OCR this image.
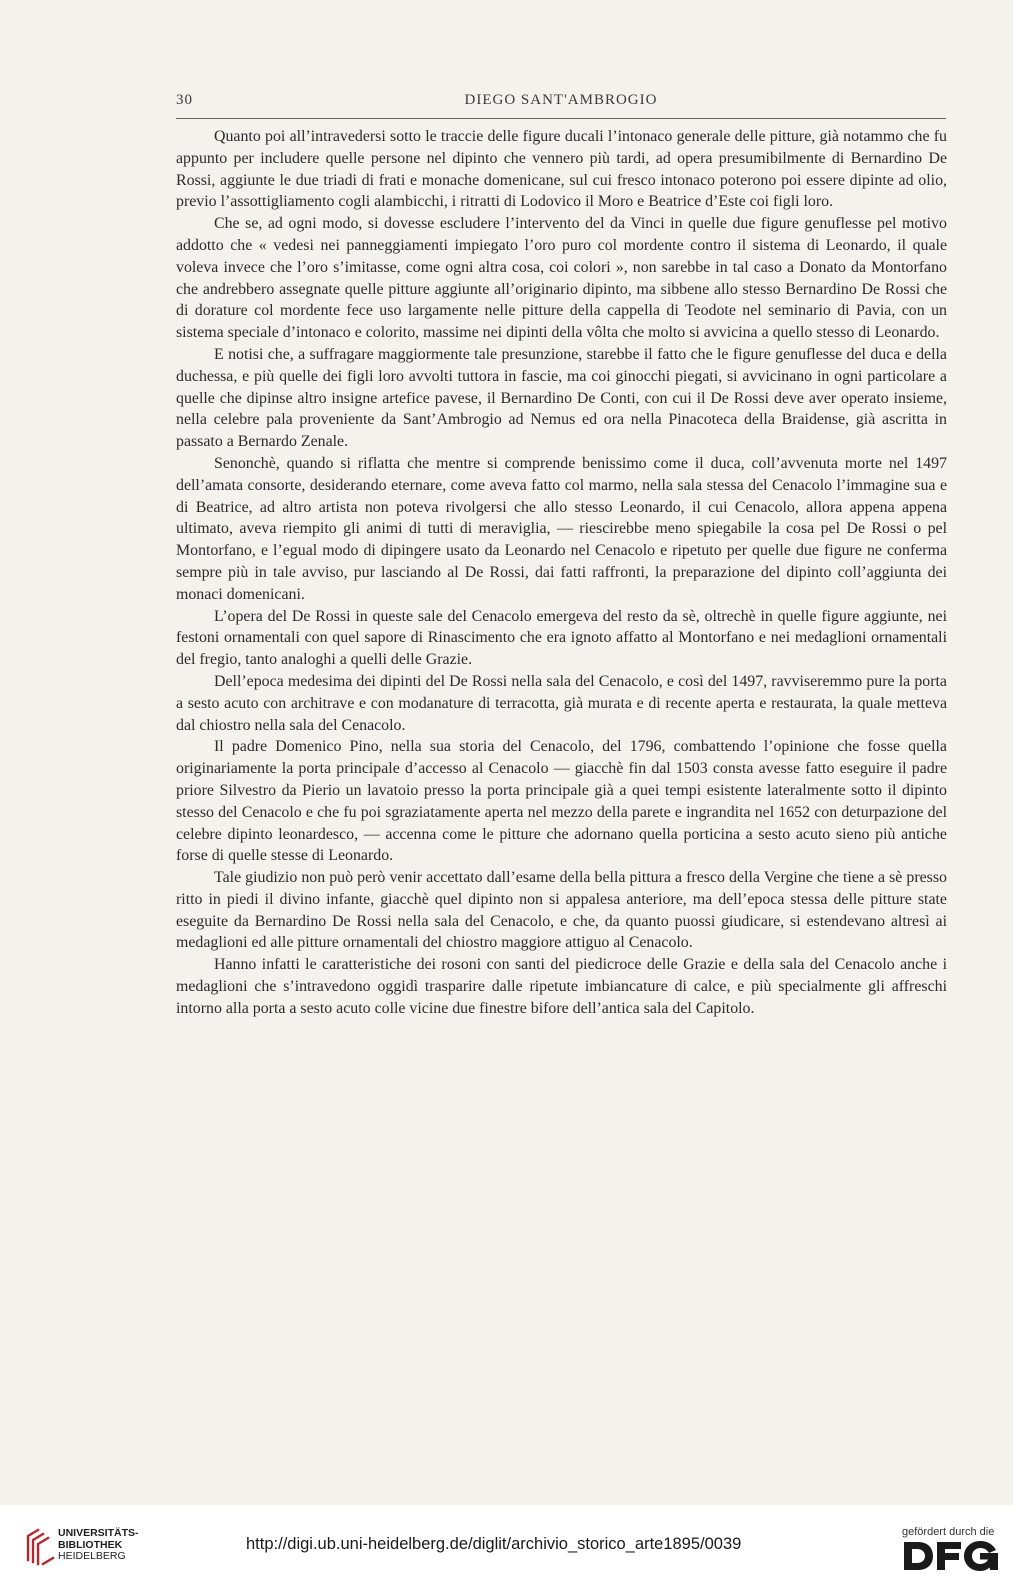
30	DIEGO SANT'AMBROGIO

Quanto poi all’intravedersi sotto le traccie delle figure ducali l’intonaco generale delle pitture, già notammo che fu appunto per includere quelle persone nel dipinto che vennero più tardi, ad opera presumibilmente di Bernardino De Rossi, aggiunte le due triadi di frati e monache domenicane, sul cui fresco intonaco poterono poi essere dipinte ad olio, previo l’assottigliamento cogli alambicchi, i ritratti di Lodovico il Moro e Beatrice d’Este coi figli loro.

Che se, ad ogni modo, si dovesse escludere l’intervento del da Vinci in quelle due figure genuflesse pel motivo addotto che « vedesi nei panneggiamenti impiegato l’oro puro col mordente contro il sistema di Leonardo, il quale voleva invece che l’oro s’imitasse, come ogni altra cosa, coi colori », non sarebbe in tal caso a Donato da Montorfano che andrebbero assegnate quelle pitture aggiunte all’originario dipinto, ma sibbene allo stesso Bernardino De Rossi che di dorature col mordente fece uso largamente nelle pitture della cappella di Teodote nel seminario di Pavia, con un sistema speciale d’intonaco e colorito, massime nei dipinti della vôlta che molto si avvicina a quello stesso di Leonardo.

E notisi che, a suffragare maggiormente tale presunzione, starebbe il fatto che le figure genuflesse del duca e della duchessa, e più quelle dei figli loro avvolti tuttora in fascie, ma coi ginocchi piegati, si avvicinano in ogni particolare a quelle che dipinse altro insigne artefice pavese, il Bernardino De Conti, con cui il De Rossi deve aver operato insieme, nella celebre pala proveniente da Sant’Ambrogio ad Nemus ed ora nella Pinacoteca della Braidense, già ascritta in passato a Bernardo Zenale.

Senonchè, quando si riflatta che mentre si comprende benissimo come il duca, coll’avvenuta morte nel 1497 dell’amata consorte, desiderando eternare, come aveva fatto col marmo, nella sala stessa del Cenacolo l’immagine sua e di Beatrice, ad altro artista non poteva rivolgersi che allo stesso Leonardo, il cui Cenacolo, allora appena appena ultimato, aveva riempito gli animi di tutti di meraviglia, — riescirebbe meno spiegabile la cosa pel De Rossi o pel Montorfano, e l’egual modo di dipingere usato da Leonardo nel Cenacolo e ripetuto per quelle due figure ne conferma sempre più in tale avviso, pur lasciando al De Rossi, dai fatti raffronti, la preparazione del dipinto coll’aggiunta dei monaci domenicani.

L’opera del De Rossi in queste sale del Cenacolo emergeva del resto da sè, oltrechè in quelle figure aggiunte, nei festoni ornamentali con quel sapore di Rinascimento che era ignoto affatto al Montorfano e nei medaglioni ornamentali del fregio, tanto analoghi a quelli delle Grazie.

Dell’epoca medesima dei dipinti del De Rossi nella sala del Cenacolo, e così del 1497, ravviseremmo pure la porta a sesto acuto con architrave e con modanature di terracotta, già murata e di recente aperta e restaurata, la quale metteva dal chiostro nella sala del Cenacolo.

Il padre Domenico Pino, nella sua storia del Cenacolo, del 1796, combattendo l’opinione che fosse quella originariamente la porta principale d’accesso al Cenacolo — giacchè fin dal 1503 consta avesse fatto eseguire il padre priore Silvestro da Pierio un lavatoio presso la porta principale già a quei tempi esistente lateralmente sotto il dipinto stesso del Cenacolo e che fu poi sgraziatamente aperta nel mezzo della parete e ingrandita nel 1652 con deturpazione del celebre dipinto leonardesco, — accenna come le pitture che adornano quella porticina a sesto acuto sieno più antiche forse di quelle stesse di Leonardo.

Tale giudizio non può però venir accettato dall’esame della bella pittura a fresco della Vergine che tiene a sè presso ritto in piedi il divino infante, giacchè quel dipinto non si appalesa anteriore, ma dell’epoca stessa delle pitture state eseguite da Bernardino De Rossi nella sala del Cenacolo, e che, da quanto puossi giudicare, si estendevano altresì ai medaglioni ed alle pitture ornamentali del chiostro maggiore attiguo al Cenacolo.

Hanno infatti le caratteristiche dei rosoni con santi del piedicroce delle Grazie e della sala del Cenacolo anche i medaglioni che s’intravedono oggidì trasparire dalle ripetute imbiancature di calce, e più specialmente gli affreschi intorno alla porta a sesto acuto colle vicine due finestre bifore dell’antica sala del Capitolo.

UNIVERSITÄTS-
BIBLIOTHEK
HEIDELBERG
http://digi.ub.uni-heidelberg.de/diglit/archivio_storico_arte1895/0039
gefördert durch die
